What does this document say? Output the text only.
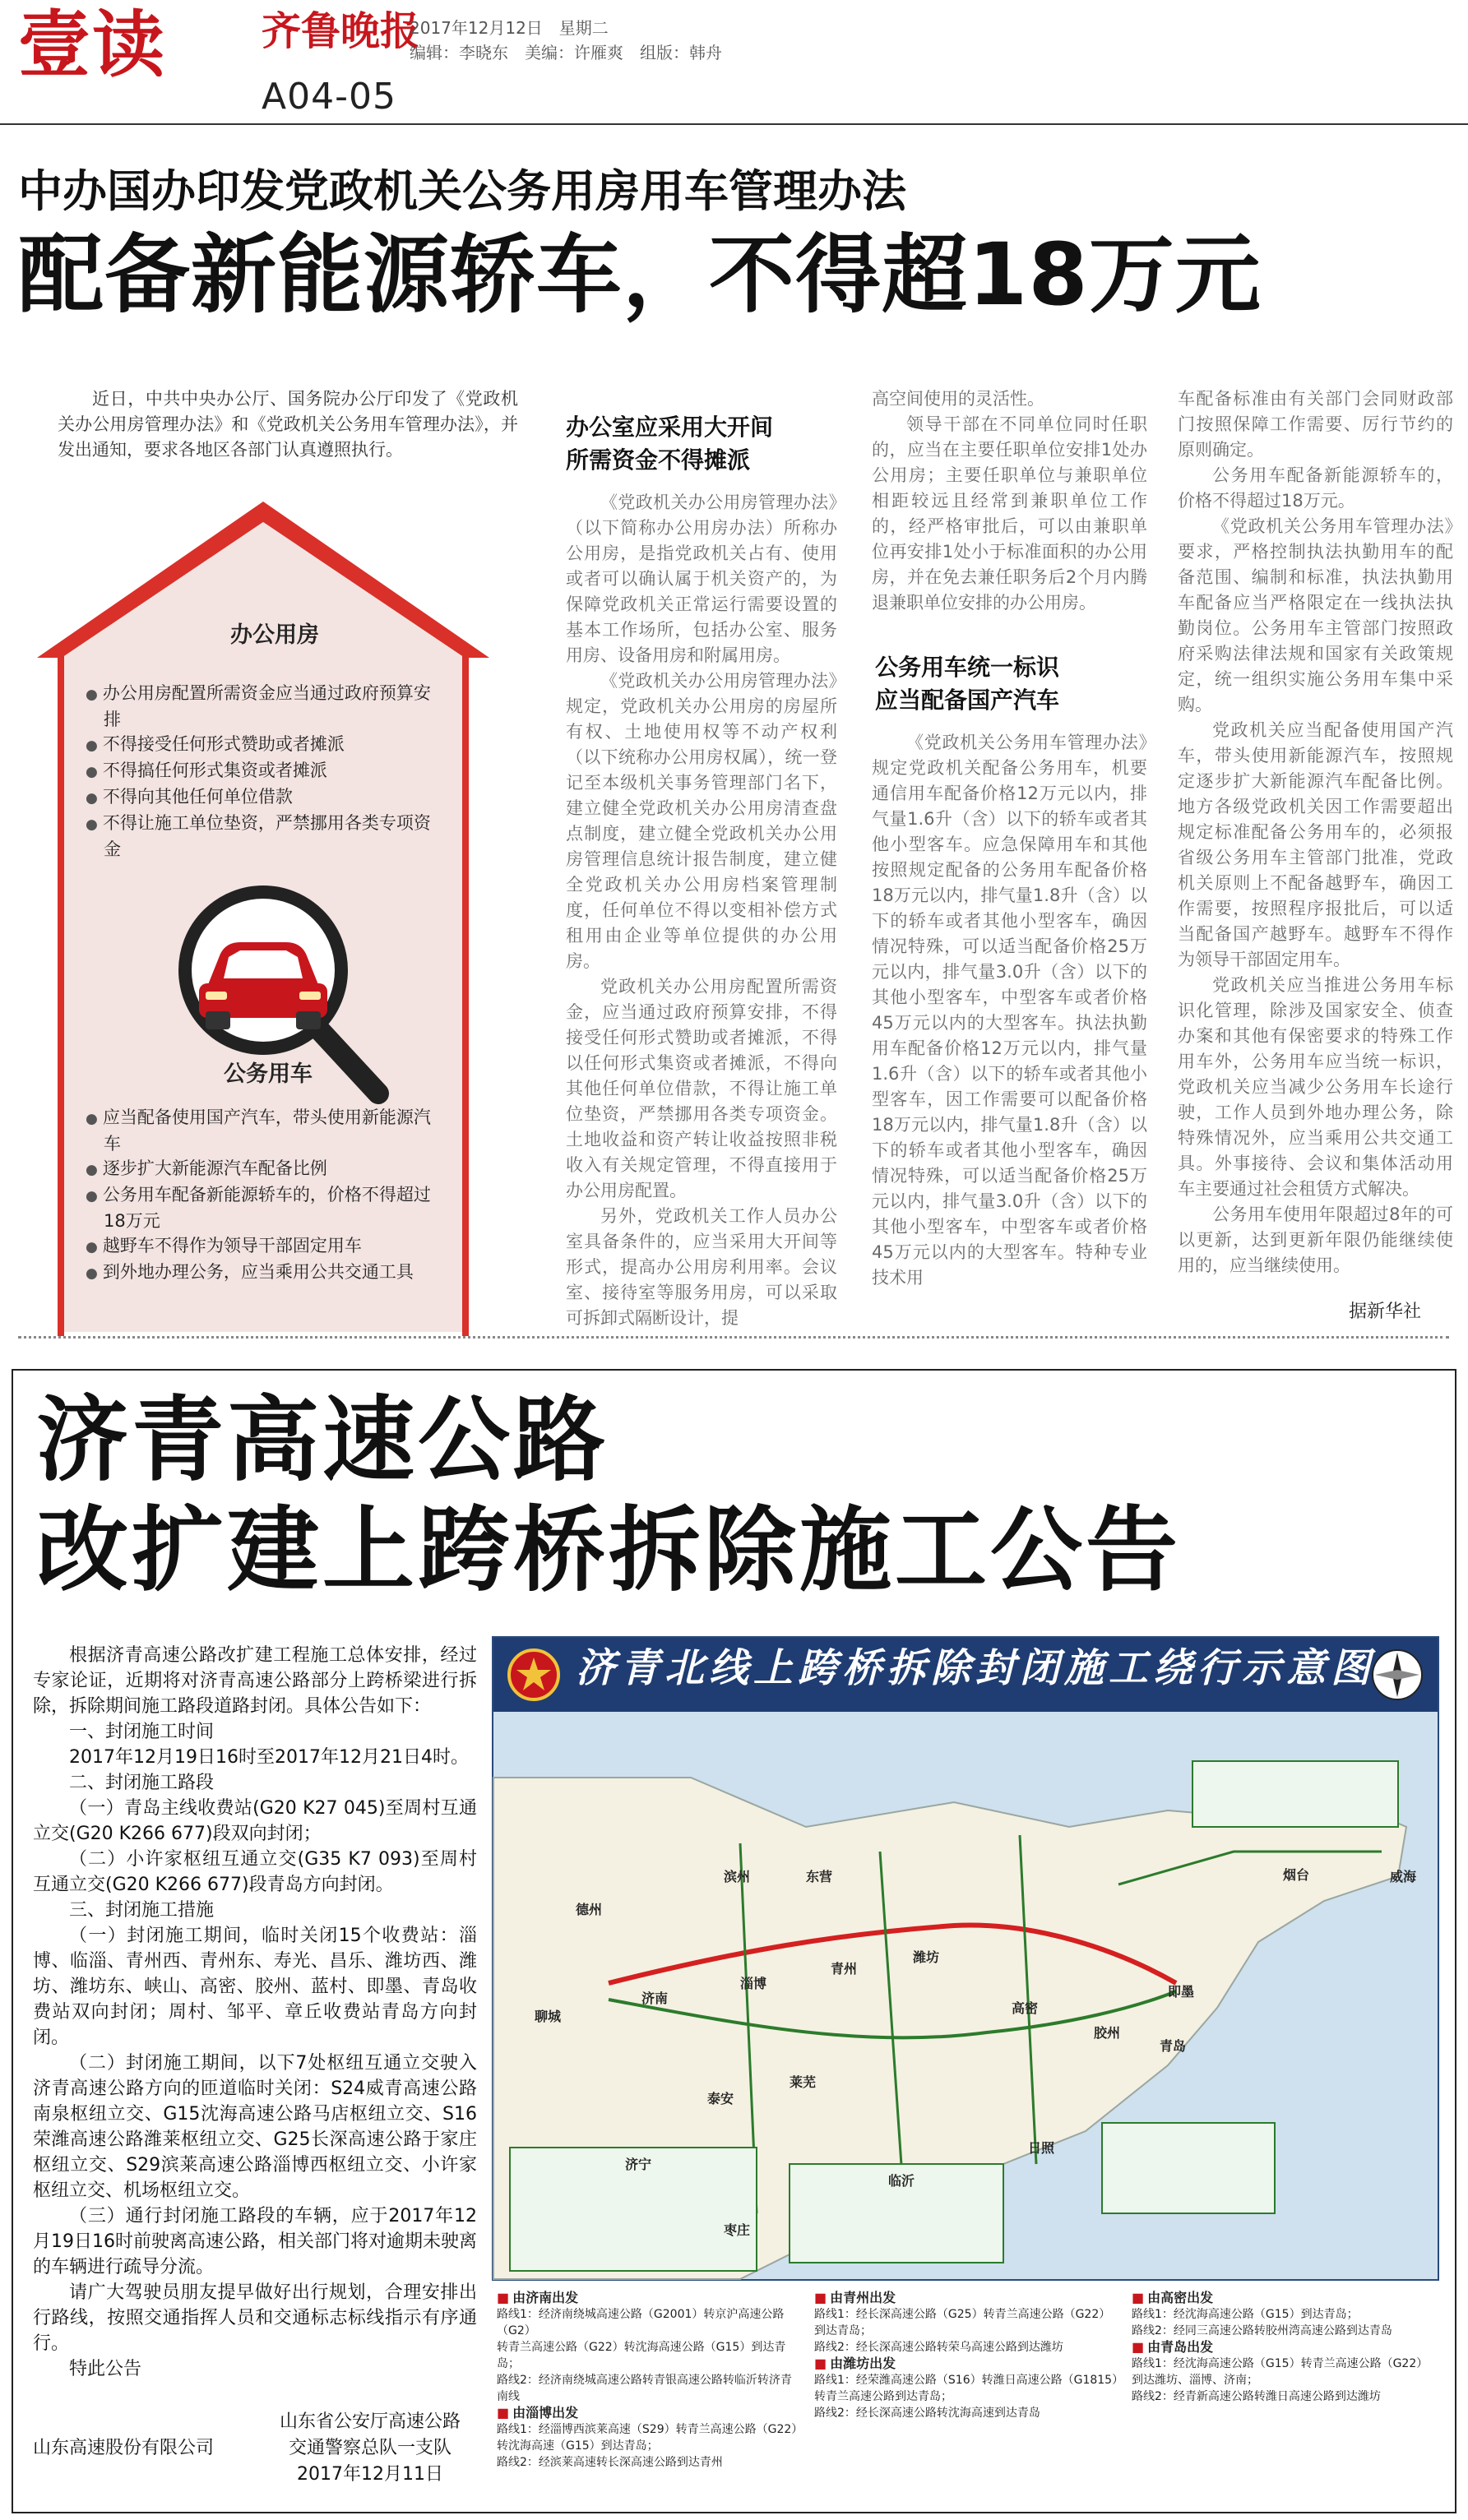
壹读 齐鲁晚报
2017年12月12日　星期二
编辑：李晓东　美编：许雁爽　组版：韩舟
A04-05
中办国办印发党政机关公务用房用车管理办法
配备新能源轿车，不得超18万元

近日，中共中央办公厅、国务院办公厅印发了《党政机关办公用房管理办法》和《党政机关公务用车管理办法》，并发出通知，要求各地区各部门认真遵照执行。

办公用房
● 办公用房配置所需资金应当通过政府预算安排
● 不得接受任何形式赞助或者摊派
● 不得搞任何形式集资或者摊派
● 不得向其他任何单位借款
● 不得让施工单位垫资，严禁挪用各类专项资金
公务用车
● 应当配备使用国产汽车，带头使用新能源汽车
● 逐步扩大新能源汽车配备比例
● 公务用车配备新能源轿车的，价格不得超过18万元
● 越野车不得作为领导干部固定用车
● 到外地办理公务，应当乘用公共交通工具
办公室应采用大开间
所需资金不得摊派

《党政机关办公用房管理办法》（以下简称办公用房办法）所称办公用房，是指党政机关占有、使用或者可以确认属于机关资产的，为保障党政机关正常运行需要设置的基本工作场所，包括办公室、服务用房、设备用房和附属用房。

《党政机关办公用房管理办法》规定，党政机关办公用房的房屋所有权、土地使用权等不动产权利（以下统称办公用房权属），统一登记至本级机关事务管理部门名下，建立健全党政机关办公用房清查盘点制度，建立健全党政机关办公用房管理信息统计报告制度，建立健全党政机关办公用房档案管理制度，任何单位不得以变相补偿方式租用由企业等单位提供的办公用房。

党政机关办公用房配置所需资金，应当通过政府预算安排，不得接受任何形式赞助或者摊派，不得以任何形式集资或者摊派，不得向其他任何单位借款，不得让施工单位垫资，严禁挪用各类专项资金。土地收益和资产转让收益按照非税收入有关规定管理，不得直接用于办公用房配置。

另外，党政机关工作人员办公室具备条件的，应当采用大开间等形式，提高办公用房利用率。会议室、接待室等服务用房，可以采取可拆卸式隔断设计，提

高空间使用的灵活性。

领导干部在不同单位同时任职的，应当在主要任职单位安排1处办公用房；主要任职单位与兼职单位相距较远且经常到兼职单位工作的，经严格审批后，可以由兼职单位再安排1处小于标准面积的办公用房，并在免去兼任职务后2个月内腾退兼职单位安排的办公用房。

公务用车统一标识
应当配备国产汽车

《党政机关公务用车管理办法》规定党政机关配备公务用车，机要通信用车配备价格12万元以内，排气量1.6升（含）以下的轿车或者其他小型客车。应急保障用车和其他按照规定配备的公务用车配备价格18万元以内，排气量1.8升（含）以下的轿车或者其他小型客车，确因情况特殊，可以适当配备价格25万元以内，排气量3.0升（含）以下的其他小型客车，中型客车或者价格45万元以内的大型客车。执法执勤用车配备价格12万元以内，排气量1.6升（含）以下的轿车或者其他小型客车，因工作需要可以配备价格18万元以内，排气量1.8升（含）以下的轿车或者其他小型客车，确因情况特殊，可以适当配备价格25万元以内，排气量3.0升（含）以下的其他小型客车，中型客车或者价格45万元以内的大型客车。特种专业技术用

车配备标准由有关部门会同财政部门按照保障工作需要、厉行节约的原则确定。

公务用车配备新能源轿车的，价格不得超过18万元。

《党政机关公务用车管理办法》要求，严格控制执法执勤用车的配备范围、编制和标准，执法执勤用车配备应当严格限定在一线执法执勤岗位。公务用车主管部门按照政府采购法律法规和国家有关政策规定，统一组织实施公务用车集中采购。

党政机关应当配备使用国产汽车，带头使用新能源汽车，按照规定逐步扩大新能源汽车配备比例。地方各级党政机关因工作需要超出规定标准配备公务用车的，必须报省级公务用车主管部门批准，党政机关原则上不配备越野车，确因工作需要，按照程序报批后，可以适当配备国产越野车。越野车不得作为领导干部固定用车。

党政机关应当推进公务用车标识化管理，除涉及国家安全、侦查办案和其他有保密要求的特殊工作用车外，公务用车应当统一标识，党政机关应当减少公务用车长途行驶，工作人员到外地办理公务，除特殊情况外，应当乘用公共交通工具。外事接待、会议和集体活动用车主要通过社会租赁方式解决。

公务用车使用年限超过8年的可以更新，达到更新年限仍能继续使用的，应当继续使用。

据新华社
济青高速公路
改扩建上跨桥拆除施工公告

根据济青高速公路改扩建工程施工总体安排，经过专家论证，近期将对济青高速公路部分上跨桥梁进行拆除，拆除期间施工路段道路封闭。具体公告如下：

一、封闭施工时间

2017年12月19日16时至2017年12月21日4时。

二、封闭施工路段

（一）青岛主线收费站(G20 K27 045)至周村互通立交(G20 K266 677)段双向封闭；

（二）小许家枢纽互通立交(G35 K7 093)至周村互通立交(G20 K266 677)段青岛方向封闭。

三、封闭施工措施

（一）封闭施工期间，临时关闭15个收费站：淄博、临淄、青州西、青州东、寿光、昌乐、潍坊西、潍坊、潍坊东、峡山、高密、胶州、蓝村、即墨、青岛收费站双向封闭；周村、邹平、章丘收费站青岛方向封闭。

（二）封闭施工期间，以下7处枢纽互通立交驶入济青高速公路方向的匝道临时关闭：S24威青高速公路南泉枢纽立交、G15沈海高速公路马店枢纽立交、S16荣潍高速公路潍莱枢纽立交、G25长深高速公路于家庄枢纽立交、S29滨莱高速公路淄博西枢纽立交、小许家枢纽立交、机场枢纽立交。

（三）通行封闭施工路段的车辆，应于2017年12月19日16时前驶离高速公路，相关部门将对逾期未驶离的车辆进行疏导分流。

请广大驾驶员朋友提早做好出行规划，合理安排出行路线，按照交通指挥人员和交通标志标线指示有序通行。

特此公告

山东高速股份有限公司
山东省公安厅高速公路
交通警察总队一支队
2017年12月11日
济青北线上跨桥拆除封闭施工绕行示意图
济南
淄博
青州
潍坊
高密
胶州
青岛
即墨
烟台	威海
日照
临沂
莱芜
泰安
东营
滨州
德州
聊城
济宁
枣庄
■ 由济南出发
路线1：经济南绕城高速公路（G2001）转京沪高速公路（G2）
转青兰高速公路（G22）转沈海高速公路（G15）到达青岛；
路线2：经济南绕城高速公路转青银高速公路转临沂转济青南线
■ 由淄博出发
路线1：经淄博西滨莱高速（S29）转青兰高速公路（G22）
转沈海高速（G15）到达青岛；
路线2：经滨莱高速转长深高速公路到达青州
■ 由青州出发
路线1：经长深高速公路（G25）转青兰高速公路（G22）
到达青岛；
路线2：经长深高速公路转荣乌高速公路到达潍坊
■ 由潍坊出发
路线1：经荣潍高速公路（S16）转潍日高速公路（G1815）
转青兰高速公路到达青岛；
路线2：经长深高速公路转沈海高速到达青岛
■ 由高密出发
路线1：经沈海高速公路（G15）到达青岛；
路线2：经同三高速公路转胶州湾高速公路到达青岛
■ 由青岛出发
路线1：经沈海高速公路（G15）转青兰高速公路（G22）
到达潍坊、淄博、济南；
路线2：经青新高速公路转潍日高速公路到达潍坊
